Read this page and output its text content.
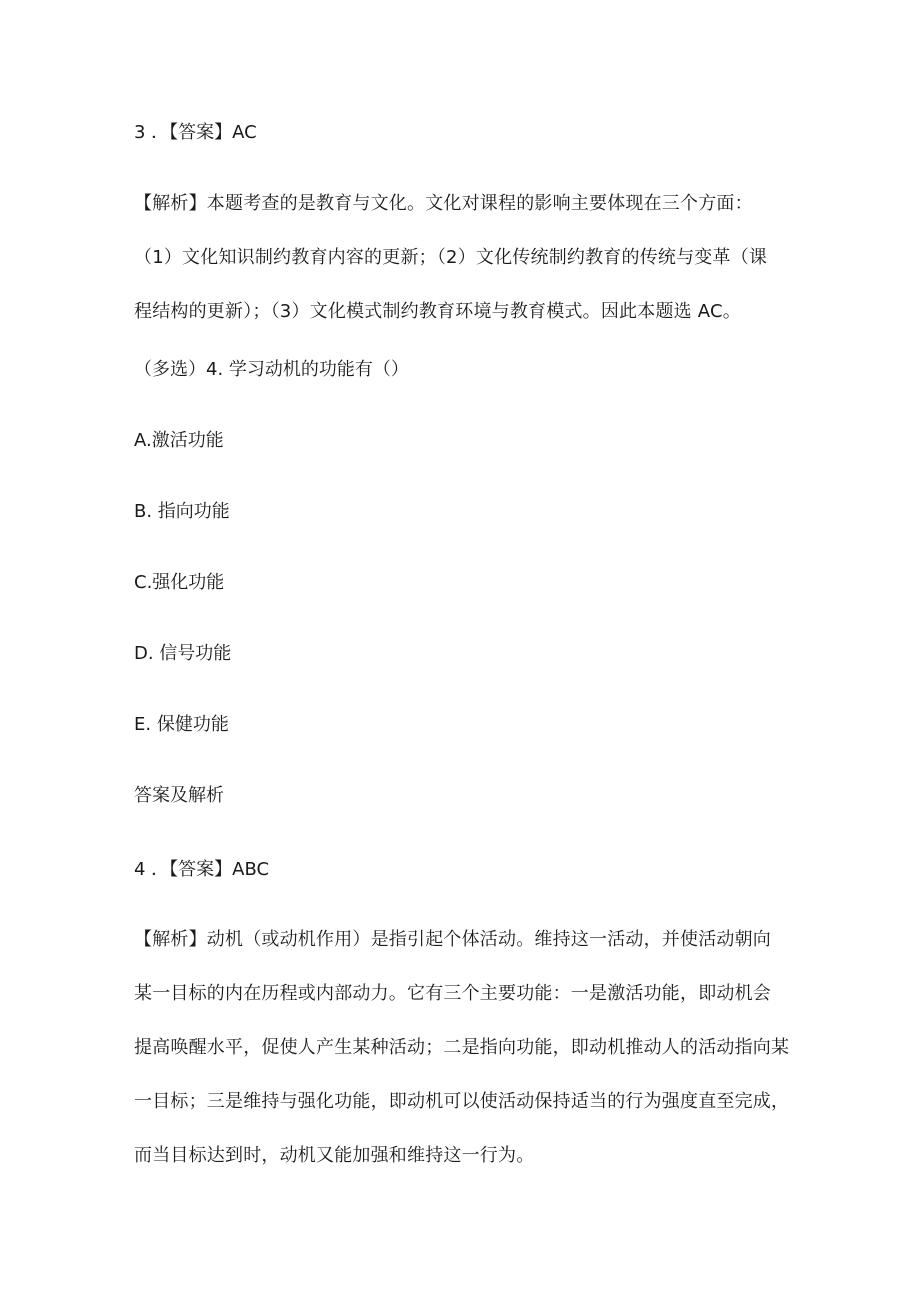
3 ．【答案】AC
【解析】本题考查的是教育与文化。文化对课程的影响主要体现在三个方面：
（1）文化知识制约教育内容的更新；（2）文化传统制约教育的传统与变革（课
程结构的更新）；（3）文化模式制约教育环境与教育模式。因此本题选 AC。
（多选）4. 学习动机的功能有（）
A.激活功能
B. 指向功能
C.强化功能
D. 信号功能
E. 保健功能
答案及解析
4 ．【答案】ABC
【解析】动机（或动机作用）是指引起个体活动。维持这一活动，并使活动朝向
某一目标的内在历程或内部动力。它有三个主要功能：一是激活功能，即动机会
提高唤醒水平，促使人产生某种活动；二是指向功能，即动机推动人的活动指向某
一目标；三是维持与强化功能，即动机可以使活动保持适当的行为强度直至完成，
而当目标达到时，动机又能加强和维持这一行为。
